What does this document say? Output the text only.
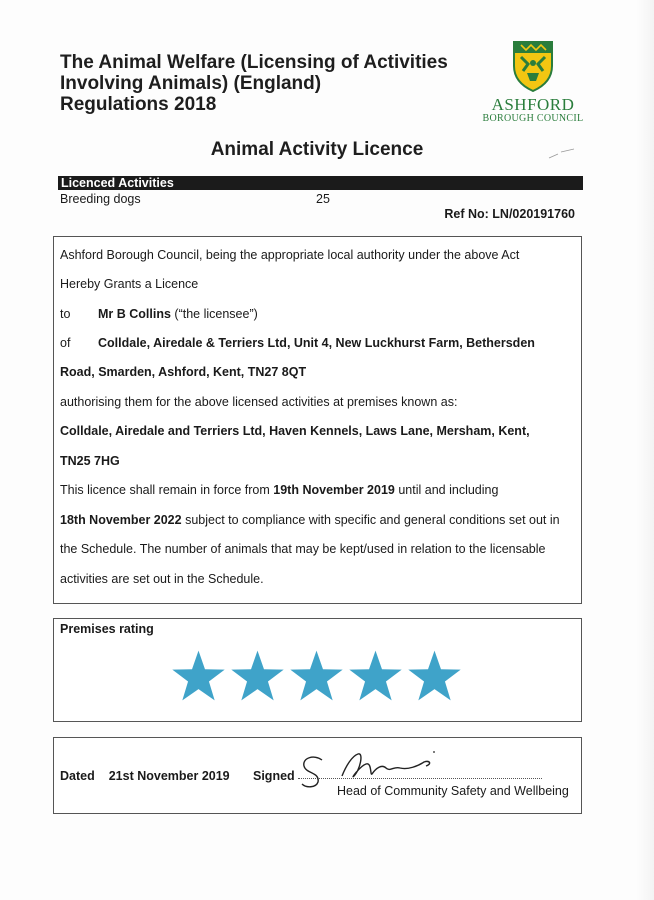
The Animal Welfare (Licensing of Activities
Involving Animals) (England)
Regulations 2018	ASHFORD
BOROUGH COUNCIL
Animal Activity Licence
Licenced Activities
Breeding dogs	25
Ref No: LN/020191760
Ashford Borough Council, being the appropriate local authority under the above Act
Hereby Grants a Licence
to Mr B Collins (“the licensee”)
of Colldale, Airedale & Terriers Ltd, Unit 4, New Luckhurst Farm, Bethersden
Road, Smarden, Ashford, Kent, TN27 8QT
authorising them for the above licensed activities at premises known as:
Colldale, Airedale and Terriers Ltd, Haven Kennels, Laws Lane, Mersham, Kent,
TN25 7HG
This licence shall remain in force from 19th November 2019 until and including
18th November 2022 subject to compliance with specific and general conditions set out in
the Schedule. The number of animals that may be kept/used in relation to the licensable
activities are set out in the Schedule.
Premises rating
Dated 21st November 2019 Signed
Head of Community Safety and Wellbeing
